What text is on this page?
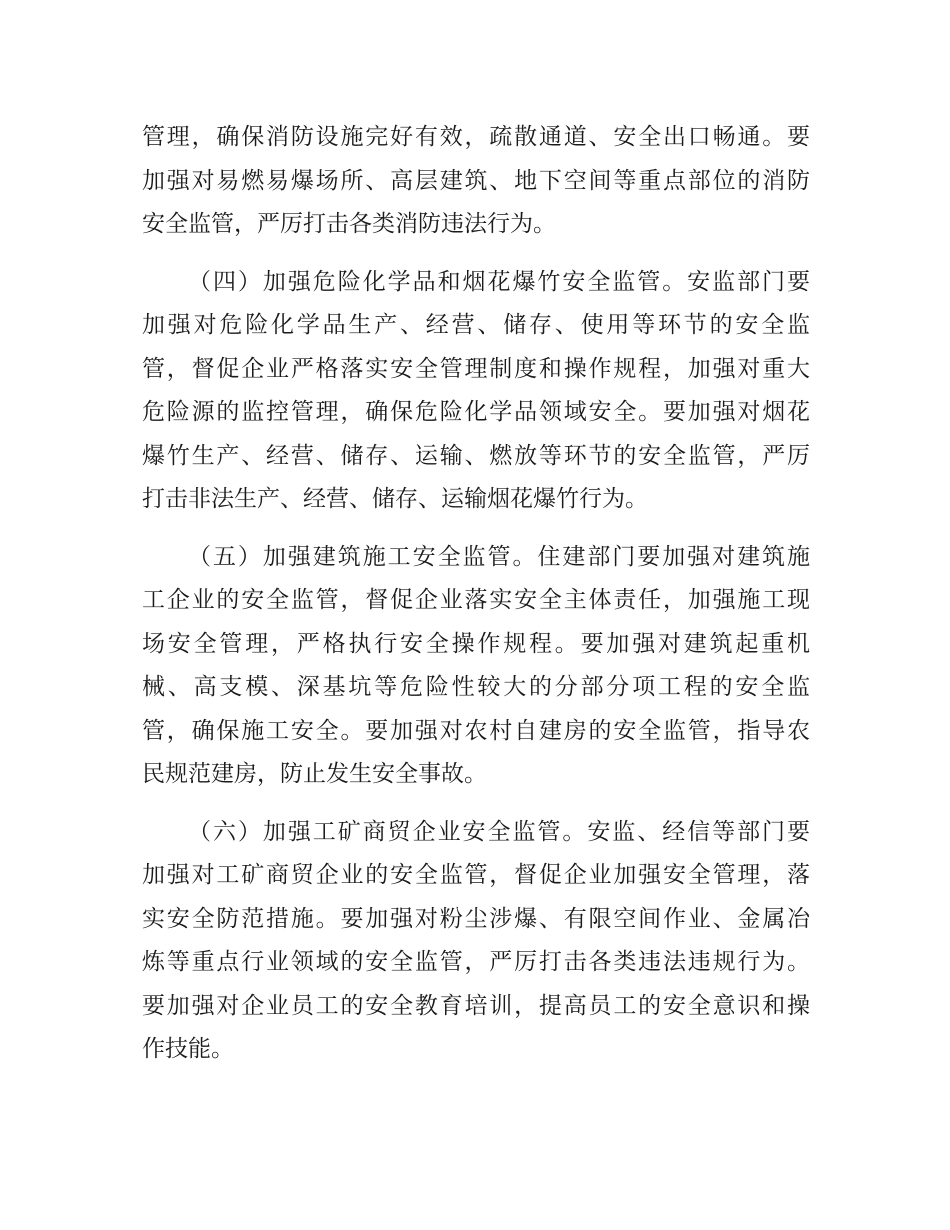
管理，确保消防设施完好有效，疏散通道、安全出口畅通。要
加强对易燃易爆场所、高层建筑、地下空间等重点部位的消防
安全监管，严厉打击各类消防违法行为。
（四）加强危险化学品和烟花爆竹安全监管。安监部门要
加强对危险化学品生产、经营、储存、使用等环节的安全监
管，督促企业严格落实安全管理制度和操作规程，加强对重大
危险源的监控管理，确保危险化学品领域安全。要加强对烟花
爆竹生产、经营、储存、运输、燃放等环节的安全监管，严厉
打击非法生产、经营、储存、运输烟花爆竹行为。
（五）加强建筑施工安全监管。住建部门要加强对建筑施
工企业的安全监管，督促企业落实安全主体责任，加强施工现
场安全管理，严格执行安全操作规程。要加强对建筑起重机
械、高支模、深基坑等危险性较大的分部分项工程的安全监
管，确保施工安全。要加强对农村自建房的安全监管，指导农
民规范建房，防止发生安全事故。
（六）加强工矿商贸企业安全监管。安监、经信等部门要
加强对工矿商贸企业的安全监管，督促企业加强安全管理，落
实安全防范措施。要加强对粉尘涉爆、有限空间作业、金属冶
炼等重点行业领域的安全监管，严厉打击各类违法违规行为。
要加强对企业员工的安全教育培训，提高员工的安全意识和操
作技能。
